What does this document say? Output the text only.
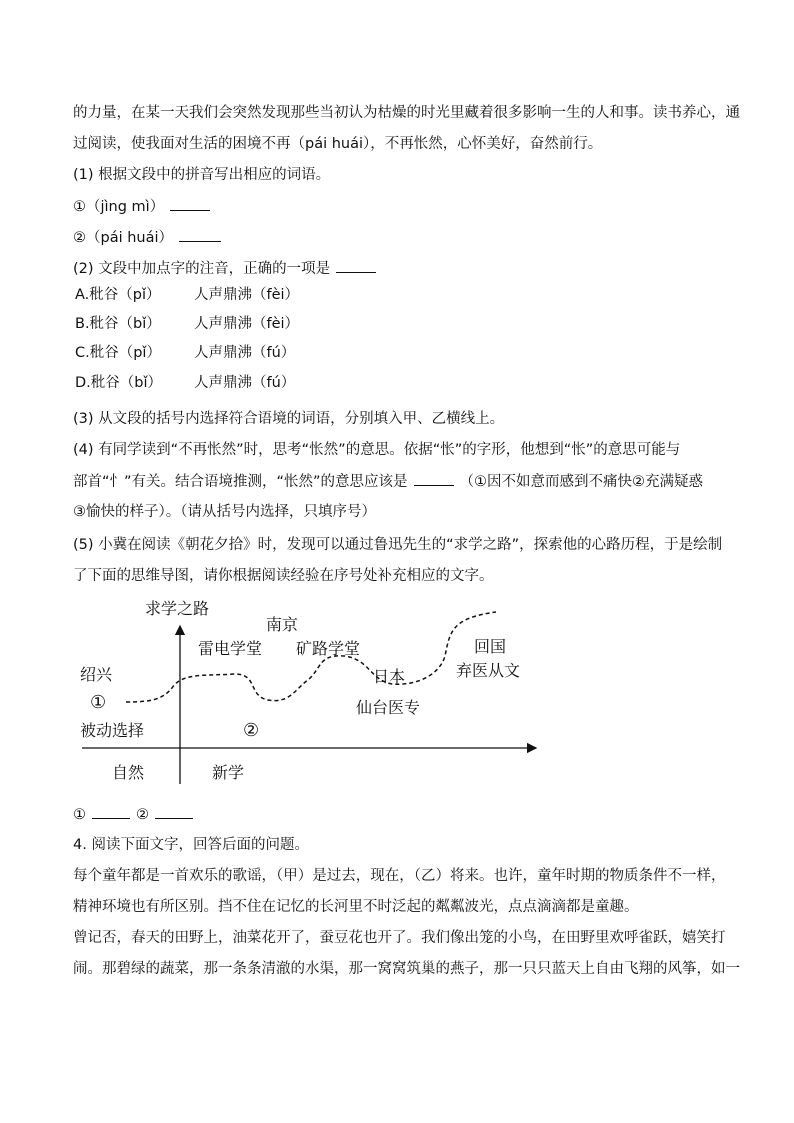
的力量，在某一天我们会突然发现那些当初认为枯燥的时光里藏着很多影响一生的人和事。读书养心，通
过阅读，使我面对生活的困境不再（pái huái），不再怅然，心怀美好，奋然前行。
(1) 根据文段中的拼音写出相应的词语。
①（jìng mì）
②（pái huái）
(2) 文段中加点字的注音，正确的一项是
A.秕谷（pǐ） 人声鼎沸（fèi）
B.秕谷（bǐ） 人声鼎沸（fèi）
C.秕谷（pǐ） 人声鼎沸（fú）
D.秕谷（bǐ） 人声鼎沸（fú）
(3) 从文段的括号内选择符合语境的词语，分别填入甲、乙横线上。
(4) 有同学读到“不再怅然”时，思考“怅然”的意思。依据“怅”的字形，他想到“怅”的意思可能与
部首“忄”有关。结合语境推测，“怅然”的意思应该是	（①因不如意而感到不痛快②充满疑惑
③愉快的样子）。（请从括号内选择，只填序号）
(5) 小冀在阅读《朝花夕拾》时，发现可以通过鲁迅先生的“求学之路”，探索他的心路历程，于是绘制
了下面的思维导图，请你根据阅读经验在序号处补充相应的文字。
求学之路
南京
雷电学堂 矿路学堂
绍兴
①
被动选择	②
日本
仙台医专
回国
弃医从文
自然	新学
①	②
4. 阅读下面文字，回答后面的问题。
每个童年都是一首欢乐的歌谣，（甲）是过去，现在，（乙）将来。也许，童年时期的物质条件不一样，
精神环境也有所区别。挡不住在记忆的长河里不时泛起的粼粼波光，点点滴滴都是童趣。
曾记否，春天的田野上，油菜花开了，蚕豆花也开了。我们像出笼的小鸟，在田野里欢呼雀跃，嬉笑打
闹。那碧绿的蔬菜，那一条条清澈的水渠，那一窝窝筑巢的燕子，那一只只蓝天上自由飞翔的风筝，如一
